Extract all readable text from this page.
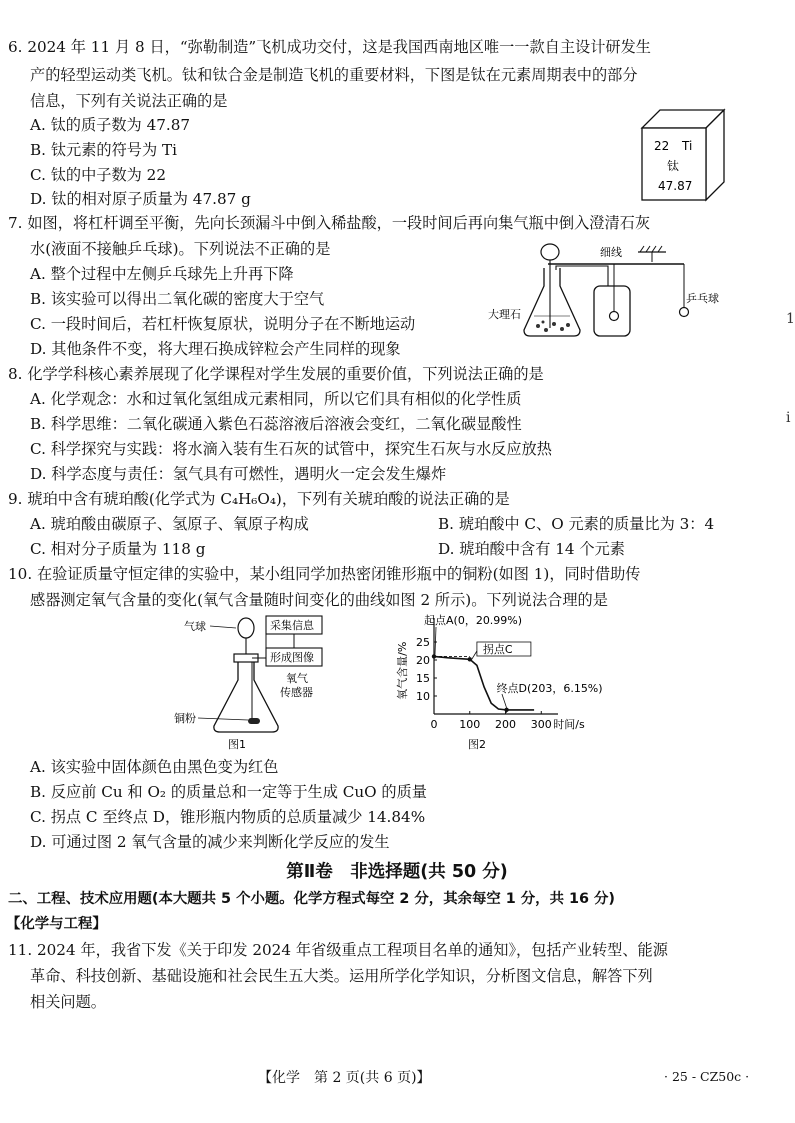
6. 2024 年 11 月 8 日，“弥勒制造”飞机成功交付，这是我国西南地区唯一一款自主设计研发生
产的轻型运动类飞机。钛和钛合金是制造飞机的重要材料，下图是钛在元素周期表中的部分
信息，下列有关说法正确的是
A. 钛的质子数为 47.87
B. 钛元素的符号为 Ti
C. 钛的中子数为 22
D. 钛的相对原子质量为 47.87 g
22 Ti
钛
47.87
7. 如图，将杠杆调至平衡，先向长颈漏斗中倒入稀盐酸，一段时间后再向集气瓶中倒入澄清石灰
水(液面不接触乒乓球)。下列说法不正确的是
A. 整个过程中左侧乒乓球先上升再下降
B. 该实验可以得出二氧化碳的密度大于空气
C. 一段时间后，若杠杆恢复原状，说明分子在不断地运动
D. 其他条件不变，将大理石换成锌粒会产生同样的现象
细线
大理石
乒乓球
8. 化学学科核心素养展现了化学课程对学生发展的重要价值，下列说法正确的是
A. 化学观念：水和过氧化氢组成元素相同，所以它们具有相似的化学性质
B. 科学思维：二氧化碳通入紫色石蕊溶液后溶液会变红，二氧化碳显酸性
C. 科学探究与实践：将水滴入装有生石灰的试管中，探究生石灰与水反应放热
D. 科学态度与责任：氢气具有可燃性，遇明火一定会发生爆炸
9. 琥珀中含有琥珀酸(化学式为 C₄H₆O₄)，下列有关琥珀酸的说法正确的是
A. 琥珀酸由碳原子、氢原子、氧原子构成	B. 琥珀酸中 C、O 元素的质量比为 3：4
C. 相对分子质量为 118 g	D. 琥珀酸中含有 14 个元素
10. 在验证质量守恒定律的实验中，某小组同学加热密闭锥形瓶中的铜粉(如图 1)，同时借助传
感器测定氧气含量的变化(氧气含量随时间变化的曲线如图 2 所示)。下列说法合理的是
气球	采集信息
形成图像
氧气
传感器
铜粉
图1
10
15
20
25
0 100 200 300 时间/s
氧气含量/%
起点A(0，20.99%)
拐点C
终点D(203，6.15%)
图2
A. 该实验中固体颜色由黑色变为红色
B. 反应前 Cu 和 O₂ 的质量总和一定等于生成 CuO 的质量
C. 拐点 C 至终点 D，锥形瓶内物质的总质量减少 14.84%
D. 可通过图 2 氧气含量的减少来判断化学反应的发生
第Ⅱ卷　非选择题(共 50 分)
二、工程、技术应用题(本大题共 5 个小题。化学方程式每空 2 分，其余每空 1 分，共 16 分)
【化学与工程】
11. 2024 年，我省下发《关于印发 2024 年省级重点工程项目名单的通知》，包括产业转型、能源
革命、科技创新、基础设施和社会民生五大类。运用所学化学知识，分析图文信息，解答下列
相关问题。
【化学　第 2 页(共 6 页)】	· 25 - CZ50c ·
1
i
